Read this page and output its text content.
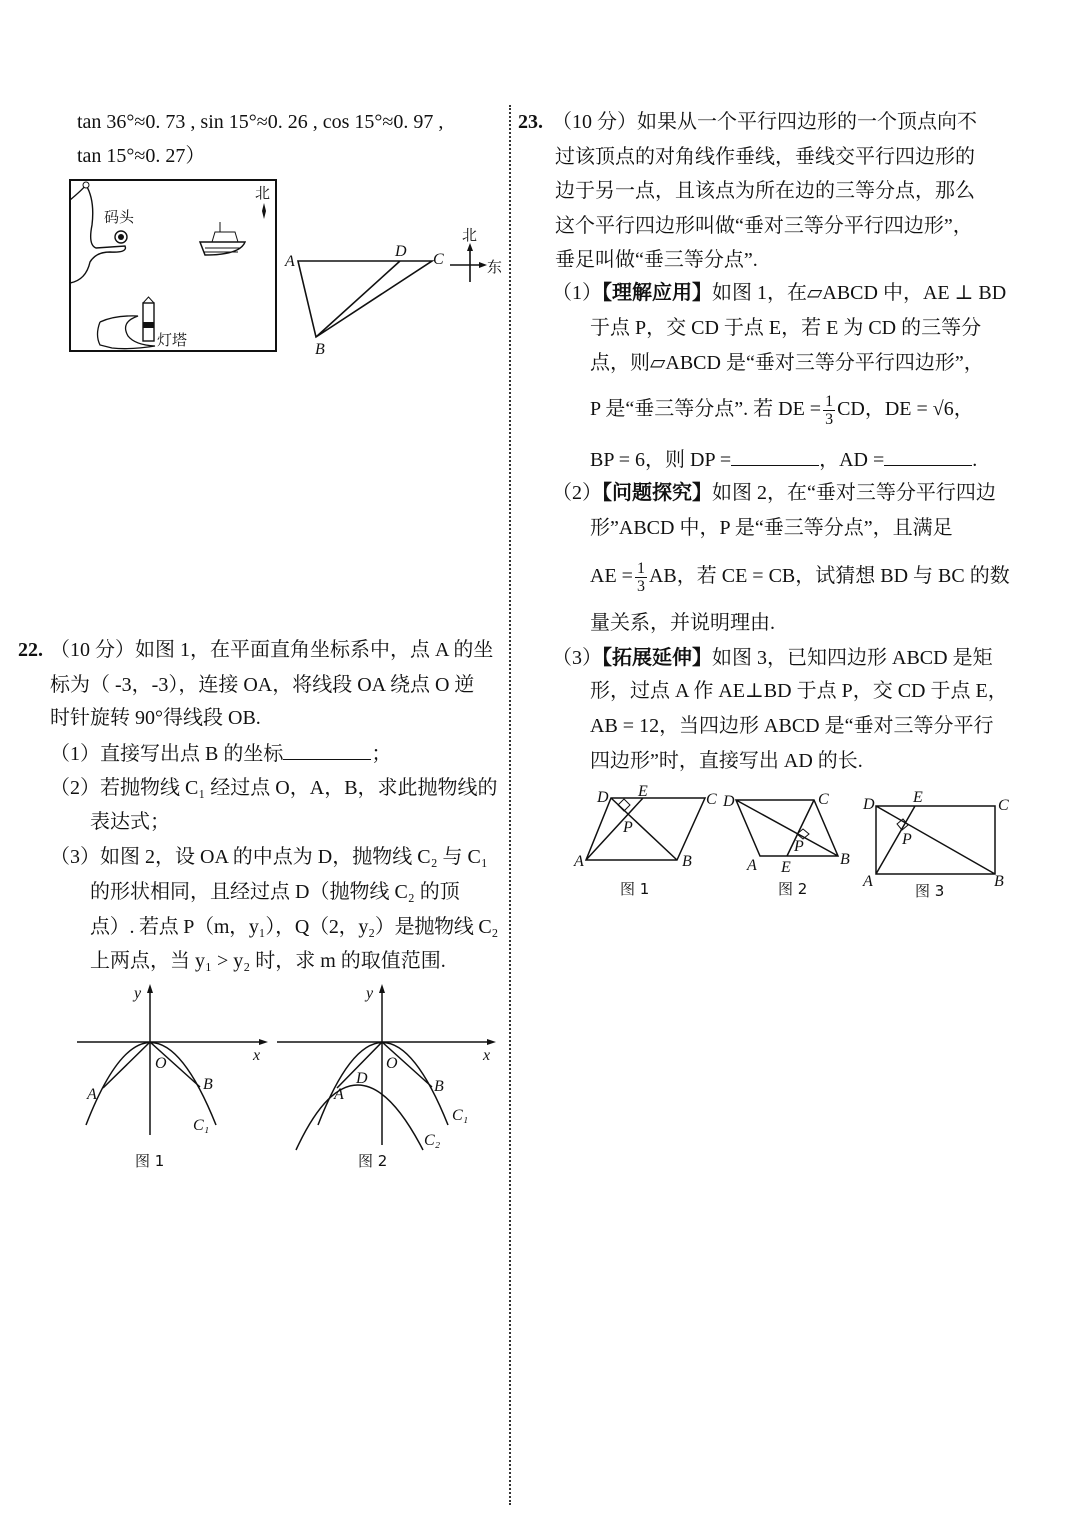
tan 36°≈0. 73 , sin 15°≈0. 26 , cos 15°≈0. 97 ,
tan 15°≈0. 27）
码头
北
灯塔
A
D C
B
北
东
22. （10 分）如图 1，在平面直角坐标系中，点 A 的坐
标为（ -3，-3），连接 OA，将线段 OA 绕点 O 逆
时针旋转 90°得线段 OB.
（1）直接写出点 B 的坐标	；
（2）若抛物线 C₁ 经过点 O，A，B，求此抛物线的
表达式；
（3）如图 2，设 OA 的中点为 D，抛物线 C₂ 与 C₁
的形状相同，且经过点 D（抛物线 C₂ 的顶
点）. 若点 P（m，y₁），Q（2，y₂）是抛物线 C₂
上两点，当 y₁ > y₂ 时，求 m 的取值范围.
y
x
O
A
B
C₁
图 1
y
x
O
A
D	B
C₁
C₂
图 2
23. （10 分）如果从一个平行四边形的一个顶点向不
过该顶点的对角线作垂线，垂线交平行四边形的
边于另一点，且该点为所在边的三等分点，那么
这个平行四边形叫做“垂对三等分平行四边形”，
垂足叫做“垂三等分点”.
（1）【理解应用】如图 1，在▱ABCD 中，AE ⊥ BD
于点 P，交 CD 于点 E，若 E 为 CD 的三等分
点，则▱ABCD 是“垂对三等分平行四边形”，
P 是“垂三等分点”. 若 DE = $\frac{1}{3}$ CD，DE = √6，
BP = 6，则 DP =	，AD =	.
（2）【问题探究】如图 2，在“垂对三等分平行四边
形”ABCD 中，P 是“垂三等分点”，且满足
AE = $\frac{1}{3}$ AB，若 CE = CB，试猜想 BD 与 BC 的数
量关系，并说明理由.
（3）【拓展延伸】如图 3，已知四边形 ABCD 是矩
形，过点 A 作 AE⊥BD 于点 P，交 CD 于点 E，
AB = 12，当四边形 ABCD 是“垂对三等分平行
四边形”时，直接写出 AD 的长.
D E	C
P
A	B
图 1
D	C
P
A E	B
图 2
D E	C
P
A	B
图 3
